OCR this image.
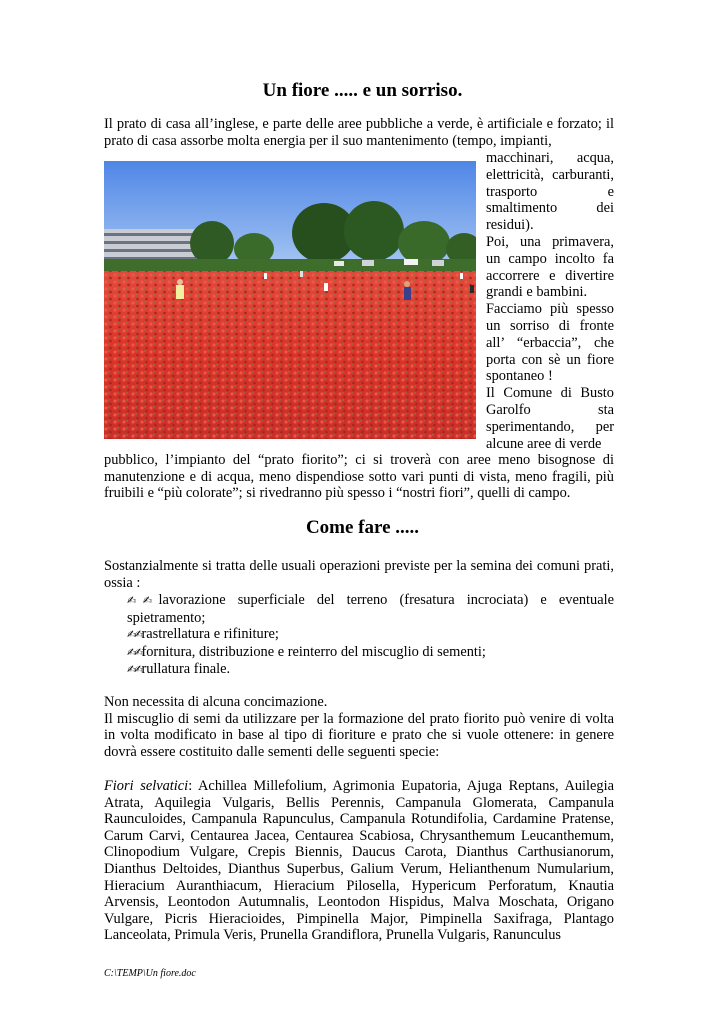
Un fiore ..... e un sorriso.

Il prato di casa all’inglese, e parte delle aree pubbliche a verde, è artificiale e forzato; il prato di casa assorbe molta energia per il suo mantenimento (tempo, impianti,

macchinari, acqua, elettricità, carburanti, trasporto e smaltimento dei residui).

Poi, una primavera, un campo incolto fa accorrere e divertire grandi e bambini.

Facciamo più spesso un sorriso di fronte all’ “erbaccia”, che porta con sè un fiore spontaneo !

Il Comune di Busto Garolfo sta sperimentando, per alcune aree di verde

pubblico, l’impianto del “prato fiorito”; ci si troverà con aree meno bisognose di manutenzione e di acqua, meno dispendiose sotto vari punti di vista, meno fragili, più fruibili e “più colorate”; si rivedranno più spesso i “nostri fiori”, quelli di campo.

Come fare .....

Sostanzialmente si tratta delle usuali operazioni previste per la semina dei comuni prati, ossia :

✍✍lavorazione superficiale del terreno (fresatura incrociata) e eventuale spietramento;
✍✍rastrellatura e rifiniture;
✍✍fornitura, distribuzione e reinterro del miscuglio di sementi;
✍✍rullatura finale.

Non necessita di alcuna concimazione.

Il miscuglio di semi da utilizzare per la formazione del prato fiorito può venire di volta in volta modificato in base al tipo di fioriture e prato che si vuole ottenere: in genere dovrà essere costituito dalle sementi delle seguenti specie:

Fiori selvatici: Achillea Millefolium, Agrimonia Eupatoria, Ajuga Reptans, Auilegia Atrata, Aquilegia Vulgaris, Bellis Perennis, Campanula Glomerata, Campanula Raunculoides, Campanula Rapunculus, Campanula Rotundifolia, Cardamine Pratense, Carum Carvi, Centaurea Jacea, Centaurea Scabiosa, Chrysanthemum Leucanthemum, Clinopodium Vulgare, Crepis Biennis, Daucus Carota, Dianthus Carthusianorum, Dianthus Deltoides, Dianthus Superbus, Galium Verum, Helianthenum Numularium, Hieracium Auranthiacum, Hieracium Pilosella, Hypericum Perforatum, Knautia Arvensis, Leontodon Autumnalis, Leontodon Hispidus, Malva Moschata, Origano Vulgare, Picris Hieracioides, Pimpinella Major, Pimpinella Saxifraga, Plantago Lanceolata, Primula Veris, Prunella Grandiflora, Prunella Vulgaris, Ranunculus

C:\TEMP\Un fiore.doc
